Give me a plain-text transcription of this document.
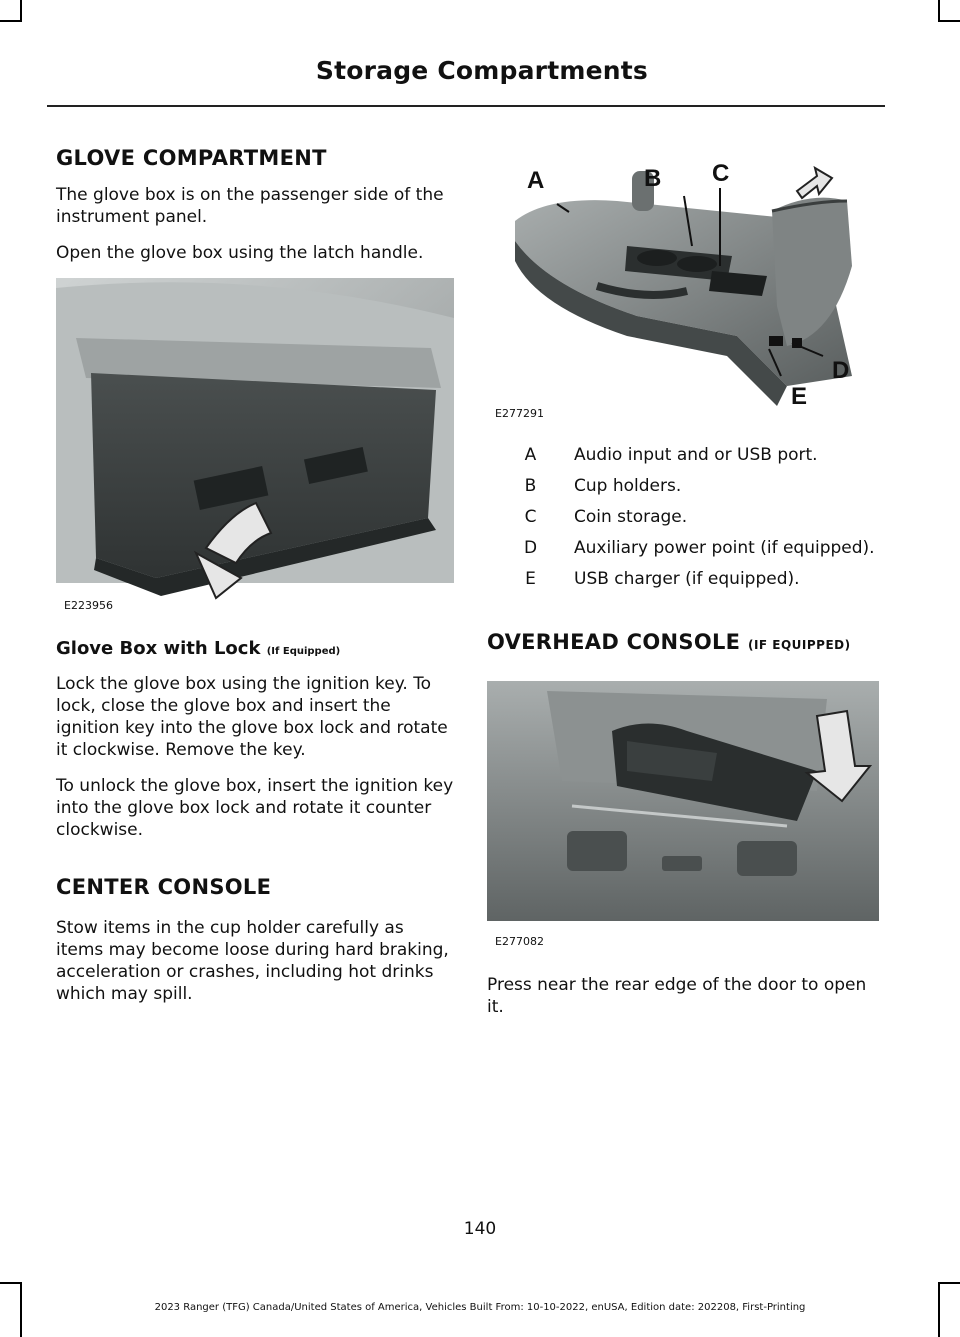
Storage Compartments
GLOVE COMPARTMENT

The glove box is on the passenger side of the instrument panel.

Open the glove box using the latch handle.

E223956
Glove Box with Lock (If Equipped)

Lock the glove box using the ignition key. To lock, close the glove box and insert the ignition key into the glove box lock and rotate it clockwise. Remove the key.

To unlock the glove box, insert the ignition key into the glove box lock and rotate it counter clockwise.

CENTER CONSOLE

Stow items in the cup holder carefully as items may become loose during hard braking, acceleration or crashes, including hot drinks which may spill.

A	B C
D
E
E277291
A	Audio input and or USB port.
B	Cup holders.
C	Coin storage.
D	Auxiliary power point (if equipped).
E	USB charger (if equipped).
OVERHEAD CONSOLE (IF EQUIPPED)
E277082

Press near the rear edge of the door to open it.

140
2023 Ranger (TFG) Canada/United States of America, Vehicles Built From: 10-10-2022, enUSA, Edition date: 202208, First-Printing
